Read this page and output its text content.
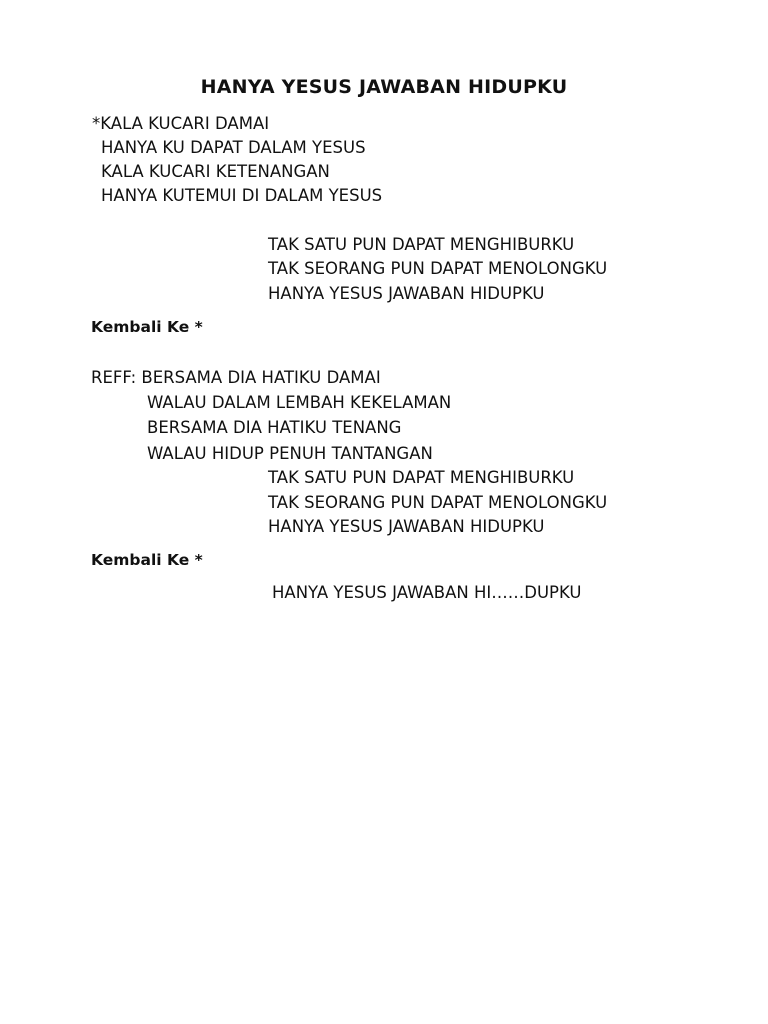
HANYA YESUS JAWABAN HIDUPKU
*KALA KUCARI DAMAI
HANYA KU DAPAT DALAM YESUS
KALA KUCARI KETENANGAN
HANYA KUTEMUI DI DALAM YESUS
TAK SATU PUN DAPAT MENGHIBURKU
TAK SEORANG PUN DAPAT MENOLONGKU
HANYA YESUS JAWABAN HIDUPKU
Kembali Ke *
REFF: BERSAMA DIA HATIKU DAMAI
WALAU DALAM LEMBAH KEKELAMAN
BERSAMA DIA HATIKU TENANG
WALAU HIDUP PENUH TANTANGAN
TAK SATU PUN DAPAT MENGHIBURKU
TAK SEORANG PUN DAPAT MENOLONGKU
HANYA YESUS JAWABAN HIDUPKU
Kembali Ke *
HANYA YESUS JAWABAN HI……DUPKU
